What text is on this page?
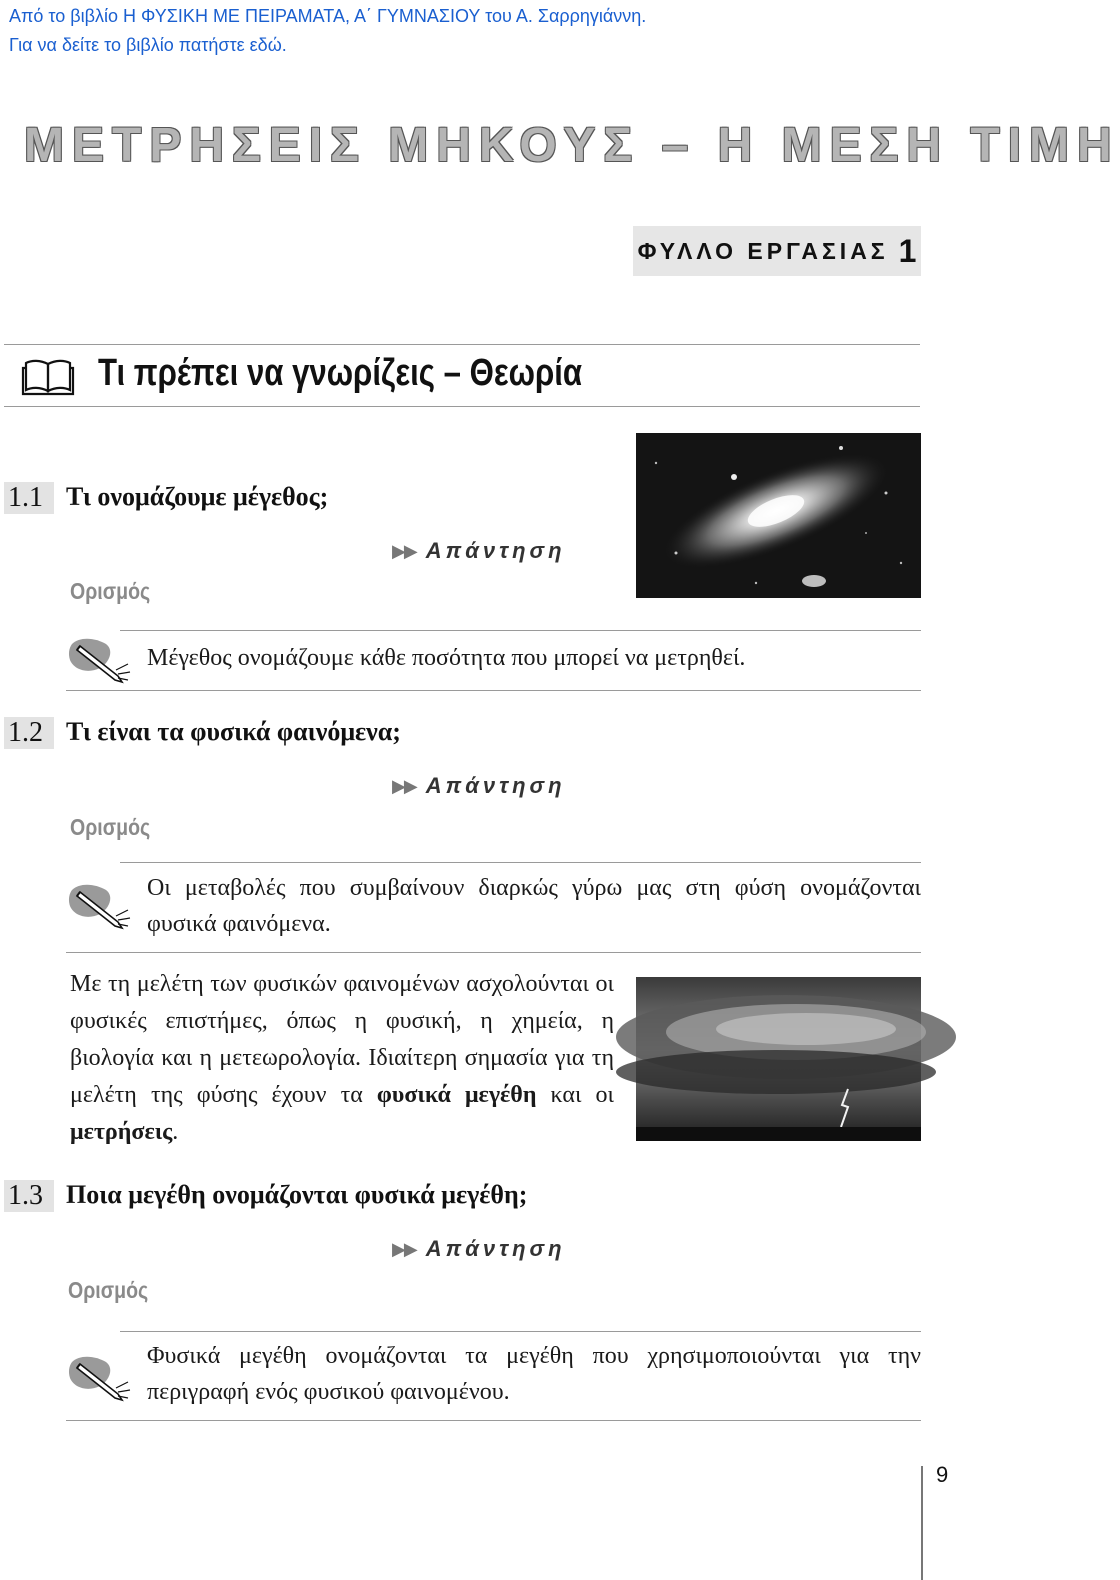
Από το βιβλίο Η ΦΥΣΙΚΗ ΜΕ ΠΕΙΡΑΜΑΤΑ, Α΄ ΓΥΜΝΑΣΙΟΥ του Α. Σαρρηγιάννη.
Για να δείτε το βιβλίο πατήστε εδώ.
ΜΕΤΡΗΣΕΙΣ ΜΗΚΟΥΣ – Η ΜΕΣΗ ΤΙΜΗ
ΦΥΛΛΟ ΕΡΓΑΣΙΑΣ 1
Τι πρέπει να γνωρίζεις – Θεωρία
1.1 Τι ονομάζουμε μέγεθος;
▶▶ Απάντηση
Ορισμός
Μέγεθος ονομάζουμε κάθε ποσότητα που μπορεί να μετρηθεί.
1.2 Τι είναι τα φυσικά φαινόμενα;
▶▶ Απάντηση
Ορισμός
Οι μεταβολές που συμβαίνουν διαρκώς γύρω μας στη φύση ονομάζονται φυσικά φαινόμενα.
Με τη μελέτη των φυσικών φαινομένων ασχολούνται οι φυσικές επιστήμες, όπως η φυσική, η χημεία, η βιολογία και η μετεωρολογία. Ιδιαίτερη σημασία για τη μελέτη της φύσης έχουν τα φυσικά μεγέθη και οι μετρήσεις.
1.3 Ποια μεγέθη ονομάζονται φυσικά μεγέθη;
▶▶ Απάντηση
Ορισμός
Φυσικά μεγέθη ονομάζονται τα μεγέθη που χρησιμοποιούνται για την περιγραφή ενός φυσικού φαινομένου.
9
